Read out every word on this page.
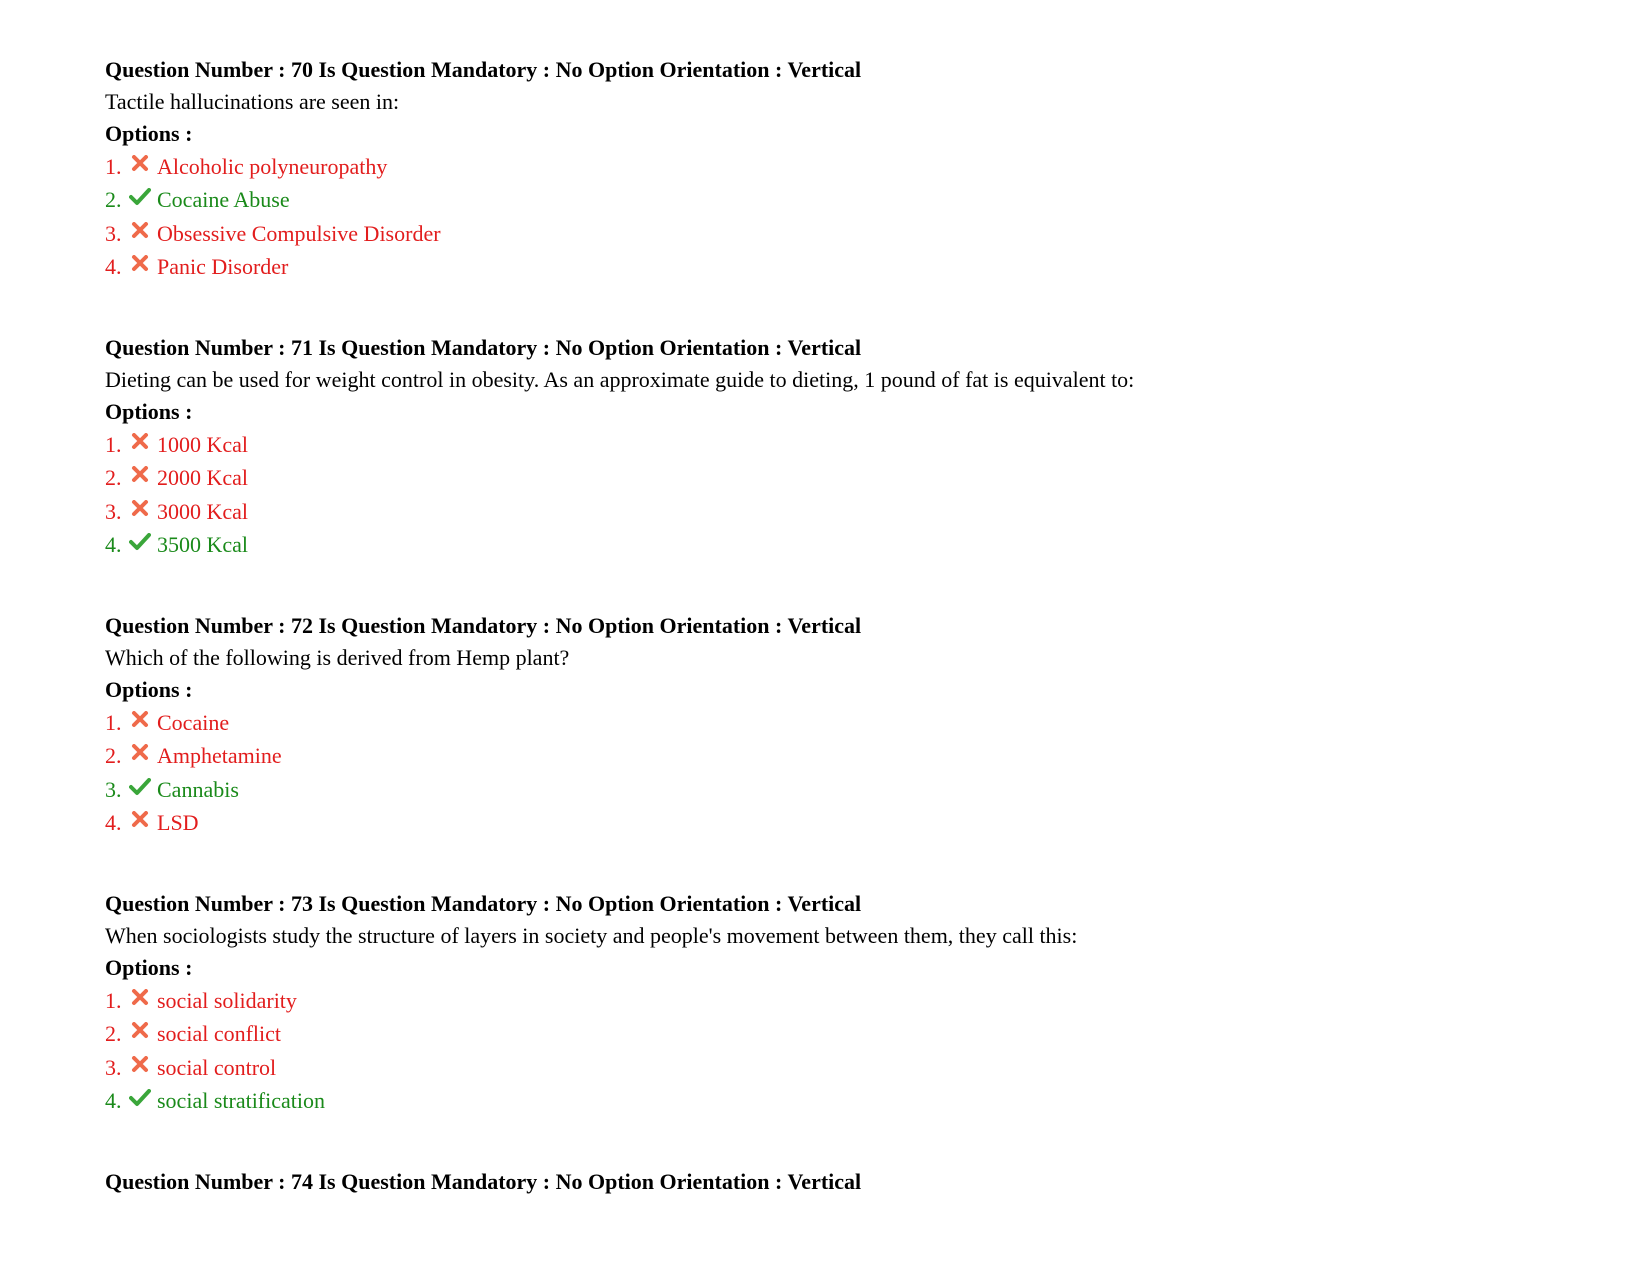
Question Number : 70 Is Question Mandatory : No Option Orientation : Vertical
Tactile hallucinations are seen in:
Options :
1. Alcoholic polyneuropathy
2. Cocaine Abuse
3. Obsessive Compulsive Disorder
4. Panic Disorder
Question Number : 71 Is Question Mandatory : No Option Orientation : Vertical
Dieting can be used for weight control in obesity. As an approximate guide to dieting, 1 pound of fat is equivalent to:
Options :
1. 1000 Kcal
2. 2000 Kcal
3. 3000 Kcal
4. 3500 Kcal
Question Number : 72 Is Question Mandatory : No Option Orientation : Vertical
Which of the following is derived from Hemp plant?
Options :
1. Cocaine
2. Amphetamine
3. Cannabis
4. LSD
Question Number : 73 Is Question Mandatory : No Option Orientation : Vertical
When sociologists study the structure of layers in society and people's movement between them, they call this:
Options :
1. social solidarity
2. social conflict
3. social control
4. social stratification
Question Number : 74 Is Question Mandatory : No Option Orientation : Vertical
